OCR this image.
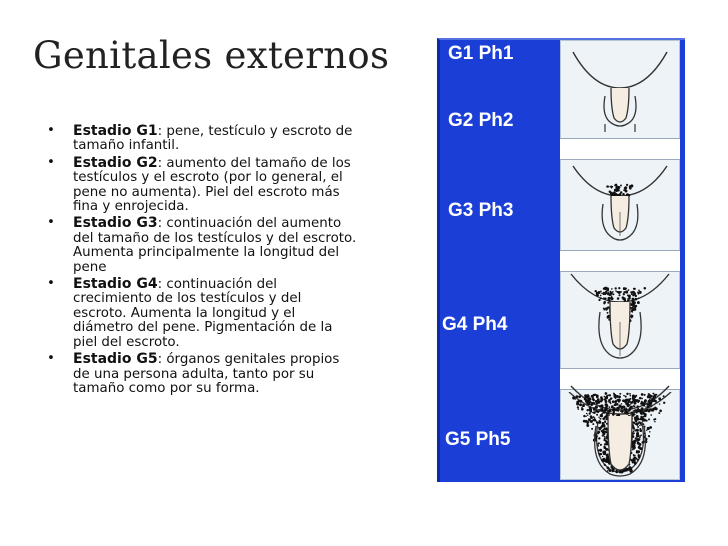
Genitales externos
• Estadio G1: pene, testículo y escroto de tamaño infantil.
• Estadio G2: aumento del tamaño de los testículos y el escroto (por lo general, el pene no aumenta). Piel del escroto más fina y enrojecida.
• Estadio G3: continuación del aumento del tamaño de los testículos y del escroto. Aumenta principalmente la longitud del pene
• Estadio G4: continuación del crecimiento de los testículos y del escroto. Aumenta la longitud y el diámetro del pene. Pigmentación de la piel del escroto.
• Estadio G5: órganos genitales propios de una persona adulta, tanto por su tamaño como por su forma.
G1 Ph1
G2 Ph2
G3 Ph3
G4 Ph4
G5 Ph5
